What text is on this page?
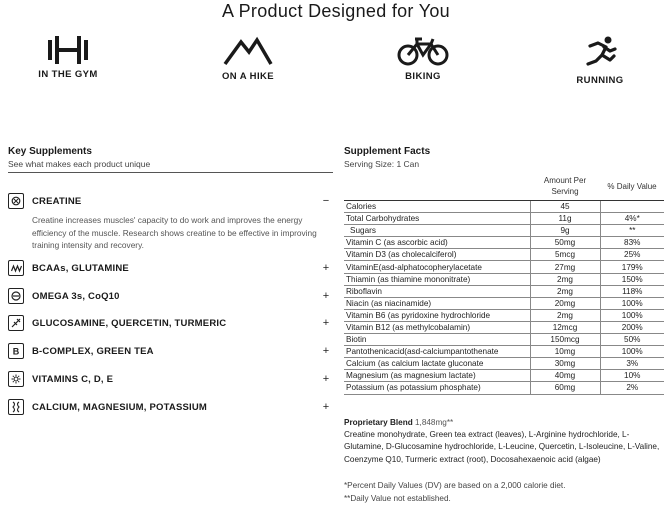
A Product Designed for You
IN THE GYM	ON A HIKE	BIKING	RUNNING
Key Supplements
See what makes each product unique
CREATINE	−
Creatine increases muscles' capacity to do work and improves the energy efficiency of the muscle. Research shows creatine to be effective in improving training intensity and recovery.
BCAAs, GLUTAMINE	+
OMEGA 3s, CoQ10	+
GLUCOSAMINE, QUERCETIN, TURMERIC	+
B B-COMPLEX, GREEN TEA	+
VITAMINS C, D, E	+
CALCIUM, MAGNESIUM, POTASSIUM	+
Supplement Facts
Serving Size: 1 Can
	Amount Per Serving	% Daily Value
Calories	45	
Total Carbohydrates	11g	4%*
Sugars	9g	**
Vitamin C (as ascorbic acid)	50mg	83%
Vitamin D3 (as cholecalciferol)	5mcg	25%
VitaminE(asd-alphatocopherylacetate	27mg	179%
Thiamin (as thiamine mononitrate)	2mg	150%
Riboflavin	2mg	118%
Niacin (as niacinamide)	20mg	100%
Vitamin B6 (as pyridoxine hydrochloride	2mg	100%
Vitamin B12 (as methylcobalamin)	12mcg	200%
Biotin	150mcg	50%
Pantothenicacid(asd-calciumpantothenate	10mg	100%
Calcium (as calcium lactate gluconate	30mg	3%
Magnesium (as magnesium lactate)	40mg	10%
Potassium (as potassium phosphate)	60mg	2%
Proprietary Blend 1,848mg**
Creatine monohydrate, Green tea extract (leaves), L-Arginine hydrochloride, L-Glutamine, D-Glucosamine hydrochloride, L-Leucine, Quercetin, L-Isoleucine, L-Valine, Coenzyme Q10, Turmeric extract (root), Docosahexaenoic acid (algae)
*Percent Daily Values (DV) are based on a 2,000 calorie diet.
**Daily Value not established.
